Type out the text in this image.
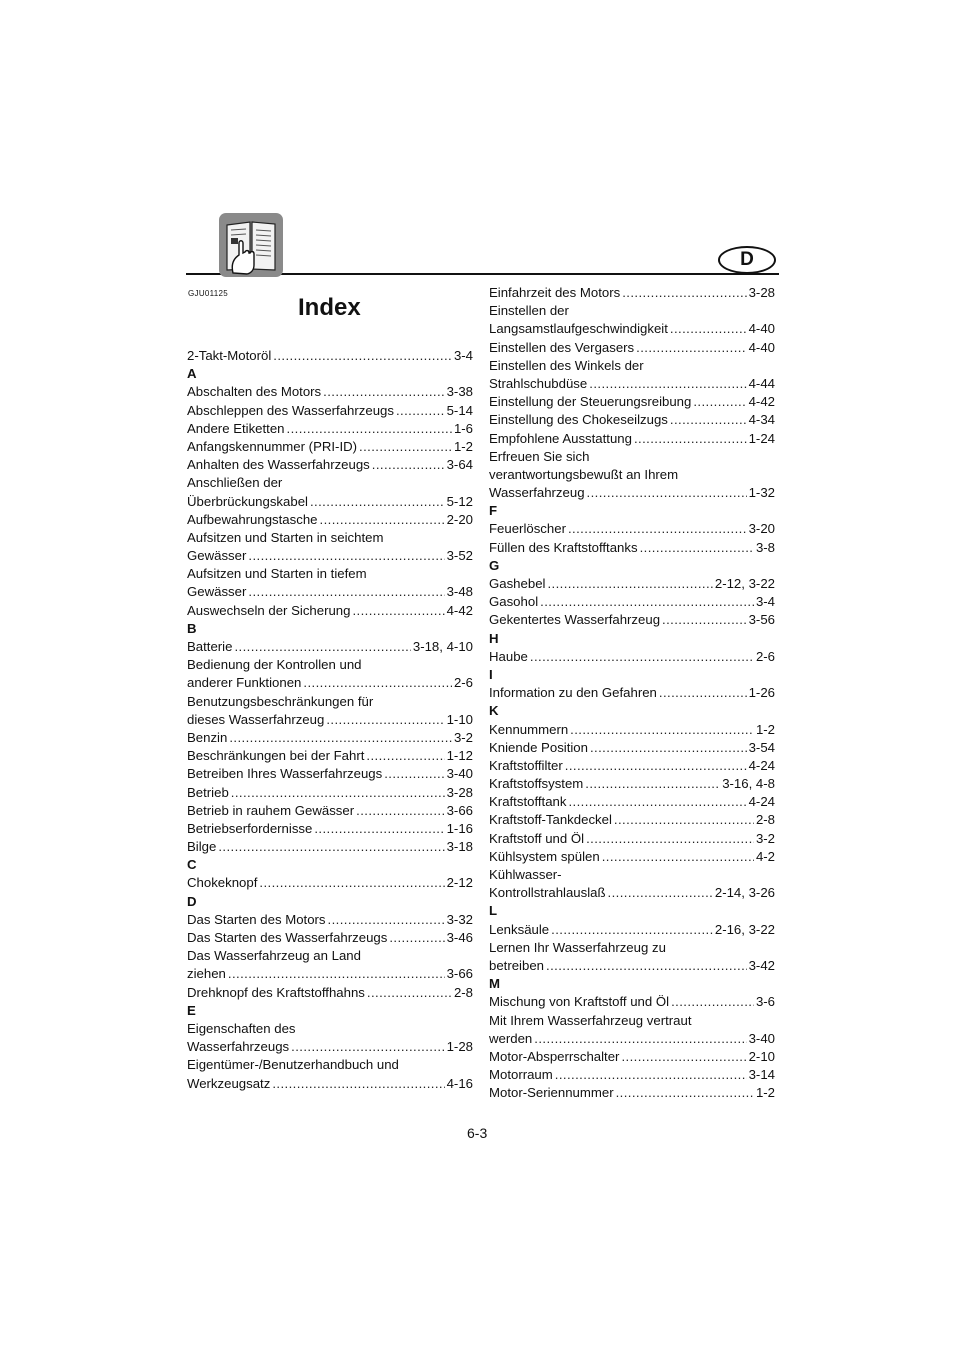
D
GJU01125
Index
2-Takt-Motoröl .....	3-4
A
Abschalten des Motors .....	3-38
Abschleppen des Wasserfahrzeugs .....	5-14
Andere Etiketten .....	1-6
Anfangskennummer (PRI-ID) .....	1-2
Anhalten des Wasserfahrzeugs .....	3-64
Anschließen der
Überbrückungskabel .....	5-12
Aufbewahrungstasche .....	2-20
Aufsitzen und Starten in seichtem
Gewässer .....	3-52
Aufsitzen und Starten in tiefem
Gewässer .....	3-48
Auswechseln der Sicherung .....	4-42
B
Batterie .....	3-18, 4-10
Bedienung der Kontrollen und
anderer Funktionen .....	2-6
Benutzungsbeschränkungen für
dieses Wasserfahrzeug .....	1-10
Benzin .....	3-2
Beschränkungen bei der Fahrt .....	1-12
Betreiben Ihres Wasserfahrzeugs .....	3-40
Betrieb .....	3-28
Betrieb in rauhem Gewässer .....	3-66
Betriebserfordernisse .....	1-16
Bilge .....	3-18
C
Chokeknopf .....	2-12
D
Das Starten des Motors .....	3-32
Das Starten des Wasserfahrzeugs .....	3-46
Das Wasserfahrzeug an Land
ziehen .....	3-66
Drehknopf des Kraftstoffhahns .....	2-8
E
Eigenschaften des
Wasserfahrzeugs .....	1-28
Eigentümer-/Benutzerhandbuch und
Werkzeugsatz .....	4-16
Einfahrzeit des Motors .....	3-28
Einstellen der
Langsamstlaufgeschwindigkeit .....	4-40
Einstellen des Vergasers .....	4-40
Einstellen des Winkels der
Strahlschubdüse .....	4-44
Einstellung der Steuerungsreibung .....	4-42
Einstellung des Chokeseilzugs .....	4-34
Empfohlene Ausstattung .....	1-24
Erfreuen Sie sich
verantwortungsbewußt an Ihrem
Wasserfahrzeug .....	1-32
F
Feuerlöscher .....	3-20
Füllen des Kraftstofftanks .....	3-8
G
Gashebel .....	2-12, 3-22
Gasohol .....	3-4
Gekentertes Wasserfahrzeug .....	3-56
H
Haube .....	2-6
I
Information zu den Gefahren .....	1-26
K
Kennummern .....	1-2
Kniende Position .....	3-54
Kraftstoffilter .....	4-24
Kraftstoffsystem .....	3-16, 4-8
Kraftstofftank .....	4-24
Kraftstoff-Tankdeckel .....	2-8
Kraftstoff und Öl .....	3-2
Kühlsystem spülen .....	4-2
Kühlwasser-
Kontrollstrahlauslaß .....	2-14, 3-26
L
Lenksäule .....	2-16, 3-22
Lernen Ihr Wasserfahrzeug zu
betreiben .....	3-42
M
Mischung von Kraftstoff und Öl .....	3-6
Mit Ihrem Wasserfahrzeug vertraut
werden .....	3-40
Motor-Absperrschalter .....	2-10
Motorraum .....	3-14
Motor-Seriennummer .....	1-2
6-3
